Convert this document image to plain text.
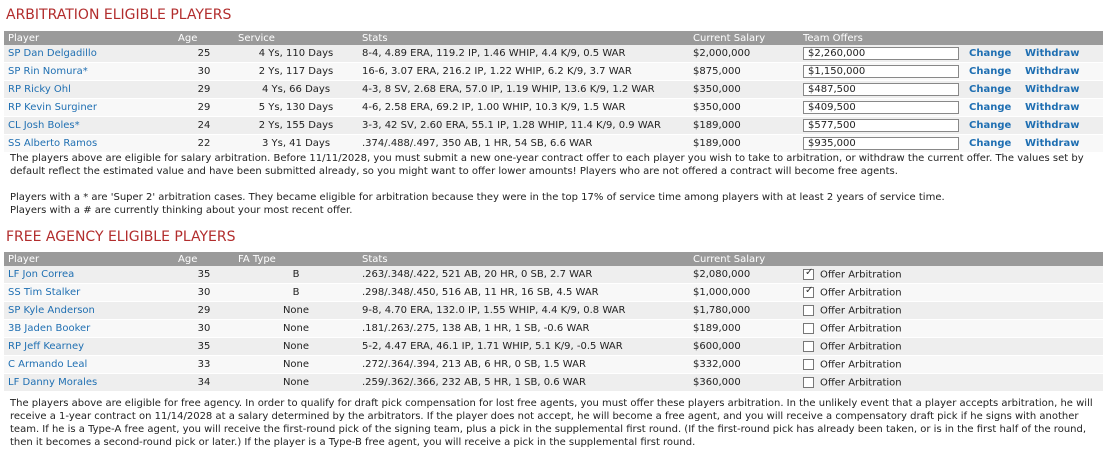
ARBITRATION ELIGIBLE PLAYERS
Player	Age	Service	Stats	Current Salary	Team Offers		
SP Dan Delgadillo	25	4 Ys, 110 Days	8-4, 4.89 ERA, 119.2 IP, 1.46 WHIP, 4.4 K/9, 0.5 WAR	$2,000,000	$2,260,000	Change	Withdraw
SP Rin Nomura*	30	2 Ys, 117 Days	16-6, 3.07 ERA, 216.2 IP, 1.22 WHIP, 6.2 K/9, 3.7 WAR	$875,000	$1,150,000	Change	Withdraw
RP Ricky Ohl	29	4 Ys, 66 Days	4-3, 8 SV, 2.68 ERA, 57.0 IP, 1.19 WHIP, 13.6 K/9, 1.2 WAR	$350,000	$487,500	Change	Withdraw
RP Kevin Surginer	29	5 Ys, 130 Days	4-6, 2.58 ERA, 69.2 IP, 1.00 WHIP, 10.3 K/9, 1.5 WAR	$350,000	$409,500	Change	Withdraw
CL Josh Boles*	24	2 Ys, 155 Days	3-3, 42 SV, 2.60 ERA, 55.1 IP, 1.28 WHIP, 11.4 K/9, 0.9 WAR	$189,000	$577,500	Change	Withdraw
SS Alberto Ramos	22	3 Ys, 41 Days	.374/.488/.497, 350 AB, 1 HR, 54 SB, 6.6 WAR	$189,000	$935,000	Change	Withdraw
The players above are eligible for salary arbitration. Before 11/11/2028, you must submit a new one-year contract offer to each player you wish to take to arbitration, or withdraw the current offer. The values set by default reflect the estimated value and have been submitted already, so you might want to offer lower amounts! Players who are not offered a contract will become free agents.
Players with a * are 'Super 2' arbitration cases. They became eligible for arbitration because they were in the top 17% of service time among players with at least 2 years of service time.
Players with a # are currently thinking about your most recent offer.
FREE AGENCY ELIGIBLE PLAYERS
Player	Age	FA Type	Stats	Current Salary	
LF Jon Correa	35	B	.263/.348/.422, 521 AB, 20 HR, 0 SB, 2.7 WAR	$2,080,000	✓ Offer Arbitration
SS Tim Stalker	30	B	.298/.348/.450, 516 AB, 11 HR, 16 SB, 4.5 WAR	$1,000,000	✓ Offer Arbitration
SP Kyle Anderson	29	None	9-8, 4.70 ERA, 132.0 IP, 1.55 WHIP, 4.4 K/9, 0.8 WAR	$1,780,000	Offer Arbitration
3B Jaden Booker	30	None	.181/.263/.275, 138 AB, 1 HR, 1 SB, -0.6 WAR	$189,000	Offer Arbitration
RP Jeff Kearney	35	None	5-2, 4.47 ERA, 46.1 IP, 1.71 WHIP, 5.1 K/9, -0.5 WAR	$600,000	Offer Arbitration
C Armando Leal	33	None	.272/.364/.394, 213 AB, 6 HR, 0 SB, 1.5 WAR	$332,000	Offer Arbitration
LF Danny Morales	34	None	.259/.362/.366, 232 AB, 5 HR, 1 SB, 0.6 WAR	$360,000	Offer Arbitration
The players above are eligible for free agency. In order to qualify for draft pick compensation for lost free agents, you must offer these players arbitration. In the unlikely event that a player accepts arbitration, he will receive a 1-year contract on 11/14/2028 at a salary determined by the arbitrators. If the player does not accept, he will become a free agent, and you will receive a compensatory draft pick if he signs with another team. If he is a Type-A free agent, you will receive the first-round pick of the signing team, plus a pick in the supplemental first round. (If the first-round pick has already been taken, or is in the first half of the round, then it becomes a second-round pick or later.) If the player is a Type-B free agent, you will receive a pick in the supplemental first round.
